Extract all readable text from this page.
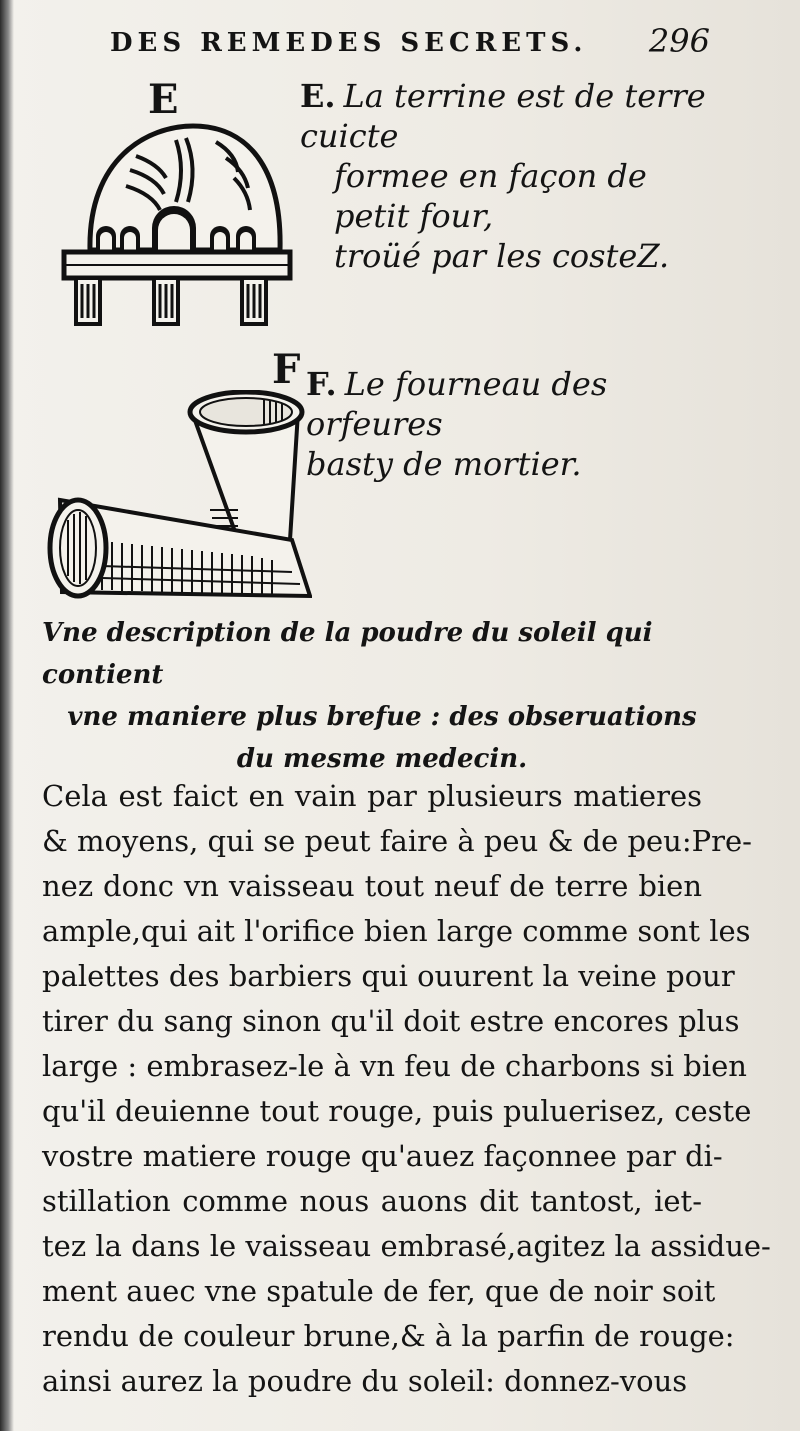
DES REMEDES SECRETS. 296
E	E. La terrine est de terre cuicte
formee en façon de petit four,
troüé par les costeZ.
F F. Le fourneau des orfeures
basty de mortier.
Vne description de la poudre du soleil qui contient
vne maniere plus brefue : des obseruations
du mesme medecin.
Cela est faict en vain par plusieurs matieres
& moyens, qui se peut faire à peu & de peu:Pre-
nez donc vn vaisseau tout neuf de terre bien
ample,qui ait l'orifice bien large comme sont les
palettes des barbiers qui ouurent la veine pour
tirer du sang sinon qu'il doit estre encores plus
large : embrasez-le à vn feu de charbons si bien
qu'il deuienne tout rouge, puis puluerisez, ceste
vostre matiere rouge qu'auez façonnee par di-
stillation comme nous auons dit tantost, iet-
tez la dans le vaisseau embrasé,agitez la assidue-
ment auec vne spatule de fer, que de noir soit
rendu de couleur brune,& à la parfin de rouge:
ainsi aurez la poudre du soleil: donnez-vous
